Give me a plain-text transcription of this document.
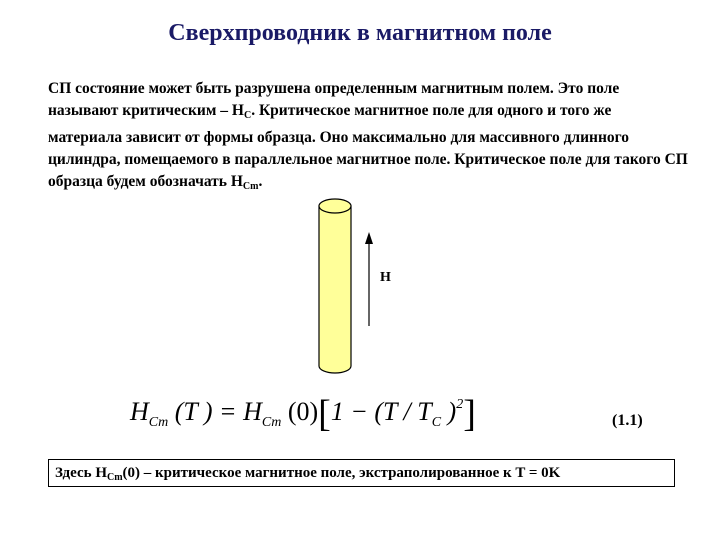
Сверхпроводник в магнитном поле
СП состояние может быть разрушена определенным магнитным полем. Это поле называют критическим – $H_C$. Критическое магнитное поле для одного и того же материала зависит от формы образца. Оно максимально для массивного длинного цилиндра, помещаемого в параллельное магнитное поле. Критическое поле для такого СП образца будем обозначать $H_{Cm}$.
H
$H_{Cm}$ (T ) = $H_{Cm}$ $(0)[1 - (T / T_C$ )$^2$]	(1.1)
Здесь $H_{Cm}(0)$ – критическое магнитное поле, экстраполированное к T = 0K
